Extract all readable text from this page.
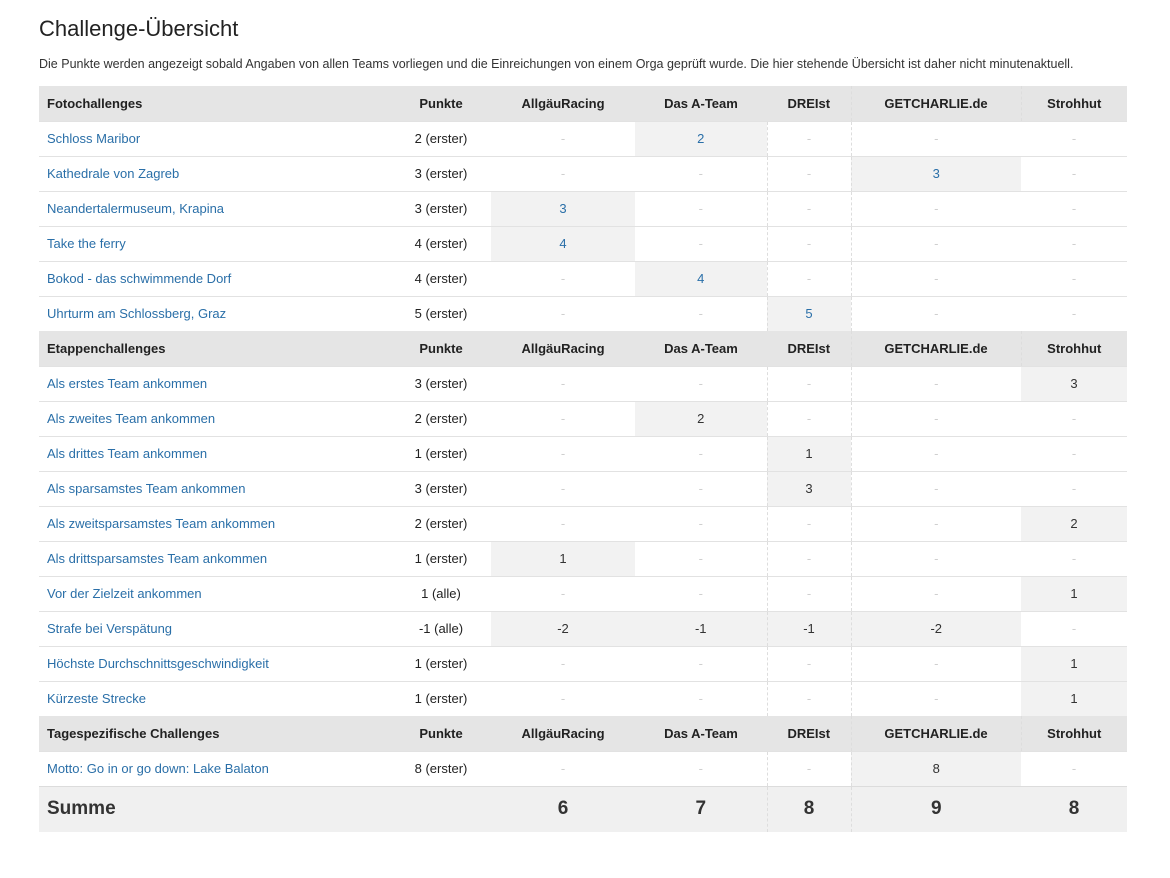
Challenge-Übersicht

Die Punkte werden angezeigt sobald Angaben von allen Teams vorliegen und die Einreichungen von einem Orga geprüft wurde. Die hier stehende Übersicht ist daher nicht minutenaktuell.

Fotochallenges	Punkte	AllgäuRacing	Das A-Team	DREIst	GETCHARLIE.de	Strohhut
Schloss Maribor	2 (erster)	-	2	-	-	-
Kathedrale von Zagreb	3 (erster)	-	-	-	3	-
Neandertalermuseum, Krapina	3 (erster)	3	-	-	-	-
Take the ferry	4 (erster)	4	-	-	-	-
Bokod - das schwimmende Dorf	4 (erster)	-	4	-	-	-
Uhrturm am Schlossberg, Graz	5 (erster)	-	-	5	-	-
Etappenchallenges	Punkte	AllgäuRacing	Das A-Team	DREIst	GETCHARLIE.de	Strohhut
Als erstes Team ankommen	3 (erster)	-	-	-	-	3
Als zweites Team ankommen	2 (erster)	-	2	-	-	-
Als drittes Team ankommen	1 (erster)	-	-	1	-	-
Als sparsamstes Team ankommen	3 (erster)	-	-	3	-	-
Als zweitsparsamstes Team ankommen	2 (erster)	-	-	-	-	2
Als drittsparsamstes Team ankommen	1 (erster)	1	-	-	-	-
Vor der Zielzeit ankommen	1 (alle)	-	-	-	-	1
Strafe bei Verspätung	-1 (alle)	-2	-1	-1	-2	-
Höchste Durchschnittsgeschwindigkeit	1 (erster)	-	-	-	-	1
Kürzeste Strecke	1 (erster)	-	-	-	-	1
Tagespezifische Challenges	Punkte	AllgäuRacing	Das A-Team	DREIst	GETCHARLIE.de	Strohhut
Motto: Go in or go down: Lake Balaton	8 (erster)	-	-	-	8	-
Summe		6	7	8	9	8
